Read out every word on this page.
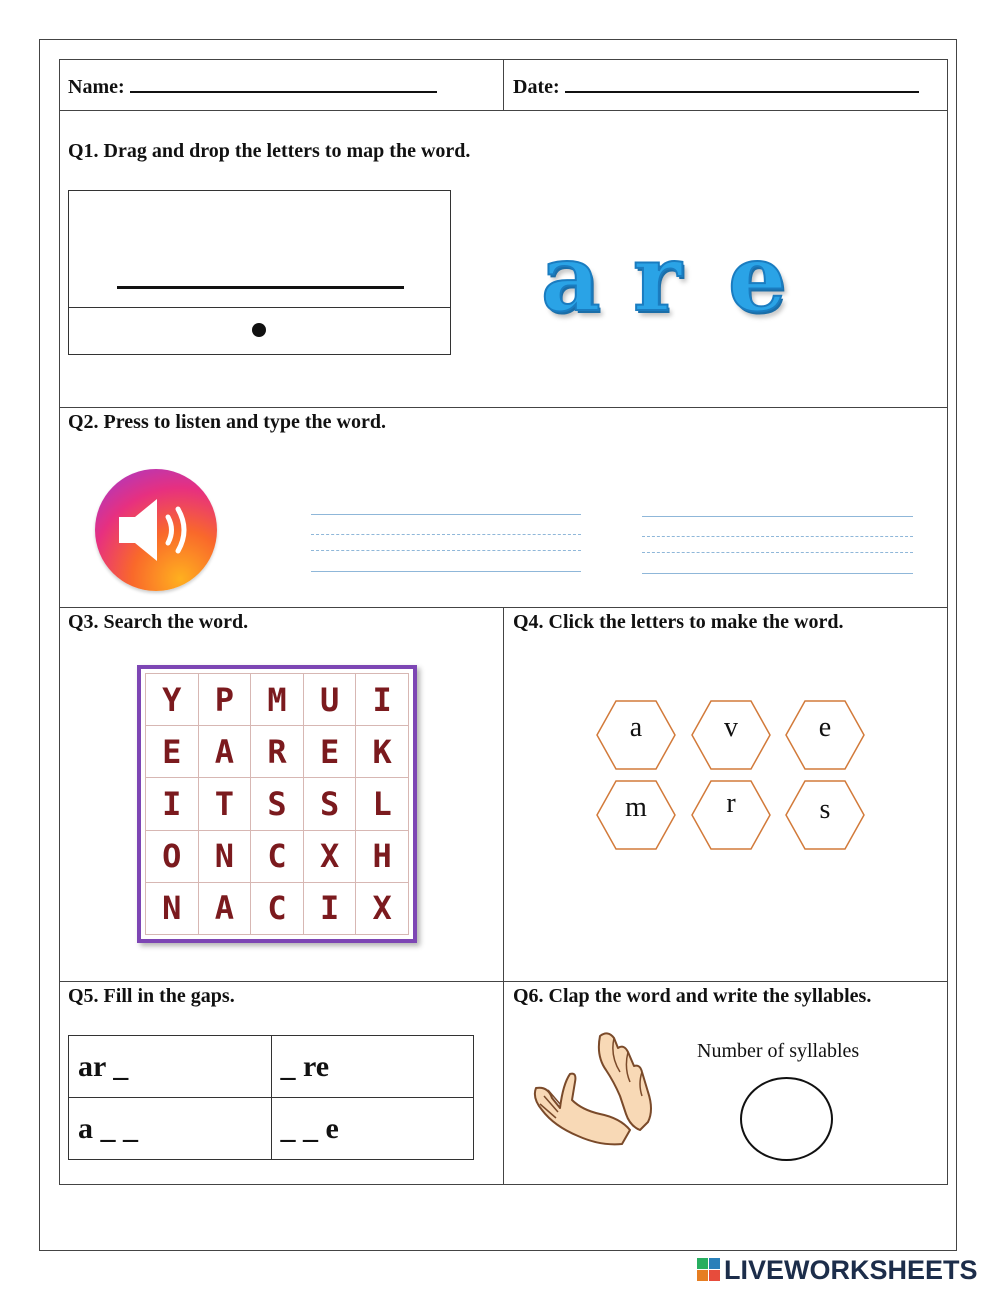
Name:	Date:
Q1. Drag and drop the letters to map the word.
a r e
Q2. Press to listen and type the word.
Q3. Search the word.
Y	P	M	U	I
E	A	R	E	K
I	T	S	S	L
O	N	C	X	H
N	A	C	I	X
Q4. Click the letters to make the word.
a	v	e
m	r	s
Q5. Fill in the gaps.
ar _	_ re
a _ _	_ _ e
Q6. Clap the word and write the syllables.
Number of syllables
LIVEWORKSHEETS
